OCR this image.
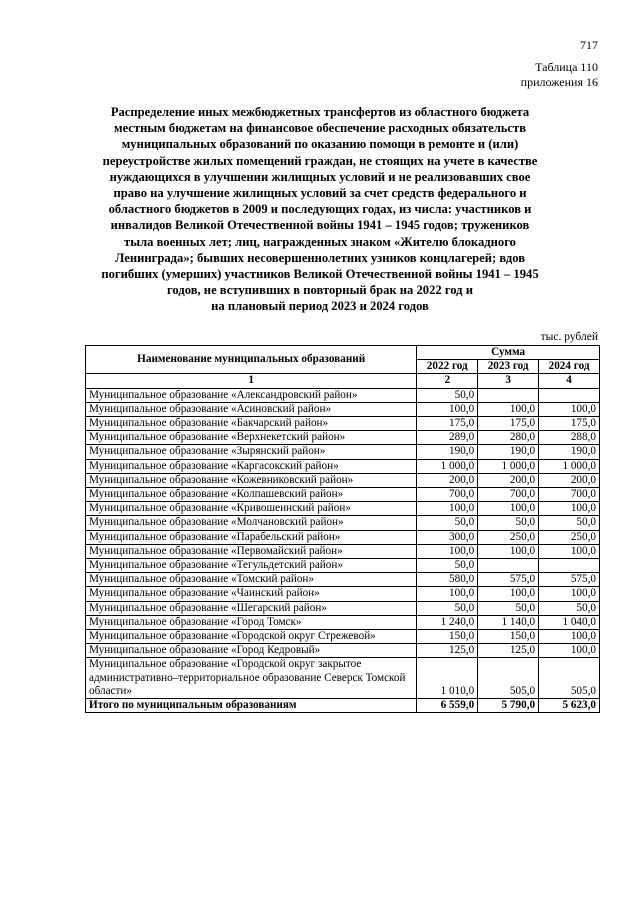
717
Таблица 110
приложения 16
Распределение иных межбюджетных трансфертов из областного бюджета
местным бюджетам на финансовое обеспечение расходных обязательств
муниципальных образований по оказанию помощи в ремонте и (или)
переустройстве жилых помещений граждан, не стоящих на учете в качестве
нуждающихся в улучшении жилищных условий и не реализовавших свое
право на улучшение жилищных условий за счет средств федерального и
областного бюджетов в 2009 и последующих годах, из числа: участников и
инвалидов Великой Отечественной войны 1941 – 1945 годов; тружеников
тыла военных лет; лиц, награжденных знаком «Жителю блокадного
Ленинграда»; бывших несовершеннолетних узников концлагерей; вдов
погибших (умерших) участников Великой Отечественной войны 1941 – 1945
годов, не вступивших в повторный брак на 2022 год и
на плановый период 2023 и 2024 годов
тыс. рублей
Наименование муниципальных образований	Сумма		
	2022 год	2023 год	2024 год
1	2	3	4
Муниципальное образование «Александровский район»	50,0		
Муниципальное образование «Асиновский район»	100,0	100,0	100,0
Муниципальное образование «Бакчарский район»	175,0	175,0	175,0
Муниципальное образование «Верхнекетский район»	289,0	280,0	288,0
Муниципальное образование «Зырянский район»	190,0	190,0	190,0
Муниципальное образование «Каргасокский район»	1 000,0	1 000,0	1 000,0
Муниципальное образование «Кожевниковский район»	200,0	200,0	200,0
Муниципальное образование «Колпашевский район»	700,0	700,0	700,0
Муниципальное образование «Кривошеинский район»	100,0	100,0	100,0
Муниципальное образование «Молчановский район»	50,0	50,0	50,0
Муниципальное образование «Парабельский район»	300,0	250,0	250,0
Муниципальное образование «Первомайский район»	100,0	100,0	100,0
Муниципальное образование «Тегульдетский район»	50,0		
Муниципальное образование «Томский район»	580,0	575,0	575,0
Муниципальное образование «Чаинский район»	100,0	100,0	100,0
Муниципальное образование «Шегарский район»	50,0	50,0	50,0
Муниципальное образование «Город Томск»	1 240,0	1 140,0	1 040,0
Муниципальное образование «Городской округ Стрежевой»	150,0	150,0	100,0
Муниципальное образование «Город Кедровый»	125,0	125,0	100,0
Муниципальное образование «Городской округ закрытое административно–территориальное образование Северск Томской области»	1 010,0	505,0	505,0
Итого по муниципальным образованиям	6 559,0	5 790,0	5 623,0
